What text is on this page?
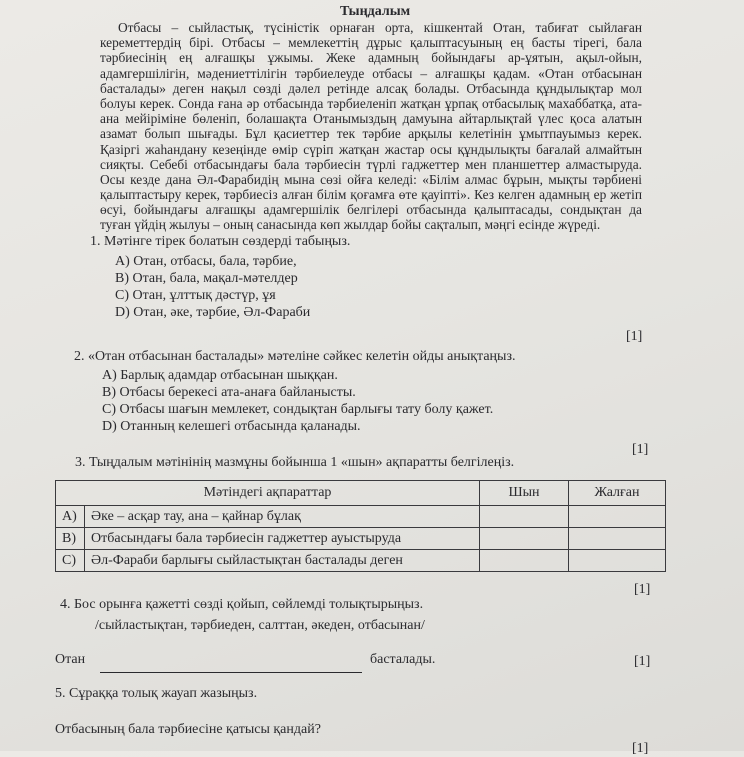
Тыңдалым
Отбасы – сыйластық, түсіністік орнаған орта, кішкентай Отан, табиғат сыйлаған
кереметтердің бірі. Отбасы – мемлекеттің дұрыс қалыптасуының ең басты тірегі, бала
тәрбиесінің ең алғашқы ұжымы. Жеке адамның бойындағы ар-ұятын, ақыл-ойын,
адамгершілігін, мәдениеттілігін тәрбиелеуде отбасы – алғашқы қадам. «Отан отбасынан
басталады» деген нақыл сөзді дәлел ретінде алсақ болады. Отбасында құндылықтар мол
болуы керек. Сонда ғана әр отбасында тәрбиеленіп жатқан ұрпақ отбасылық махаббатқа, ата-
ана мейіріміне бөленіп, болашақта Отанымыздың дамуына айтарлықтай үлес қоса алатын
азамат болып шығады. Бұл қасиеттер тек тәрбие арқылы келетінін ұмытпауымыз керек.
Қазіргі жаһандану кезеңінде өмір сүріп жатқан жастар осы құндылықты бағалай алмайтын
сияқты. Себебі отбасындағы бала тәрбиесін түрлі гаджеттер мен планшеттер алмастыруда.
Осы кезде дана Әл-Фарабидің мына сөзі ойға келеді: «Білім алмас бұрын, мықты тәрбиені
қалыптастыру керек, тәрбиесіз алған білім қоғамға өте қауіпті». Кез келген адамның ер жетіп
өсуі, бойындағы алғашқы адамгершілік белгілері отбасында қалыптасады, сондықтан да
туған үйдің жылуы – оның санасында көп жылдар бойы сақталып, мәңгі есінде жүреді.
1. Мәтінге тірек болатын сөздерді табыңыз.
A) Отан, отбасы, бала, тәрбие,
B) Отан, бала, мақал-мәтелдер
C) Отан, ұлттық дәстүр, ұя
D) Отан, әке, тәрбие, Әл-Фараби
[1]
2. «Отан отбасынан басталады» мәтеліне сәйкес келетін ойды анықтаңыз.
A) Барлық адамдар отбасынан шыққан.
B) Отбасы берекесі ата-анаға байланысты.
C) Отбасы шағын мемлекет, сондықтан барлығы тату болу қажет.
D) Отанның келешегі отбасында қаланады.
[1]
3. Тыңдалым мәтінінің мазмұны бойынша 1 «шын» ақпаратты белгілеңіз.
Мәтіндегі ақпараттар		Шын	Жалған
A)	Әке – асқар тау, ана – қайнар бұлақ		
B)	Отбасындағы бала тәрбиесін гаджеттер ауыстыруда		
C)	Әл-Фараби барлығы сыйластықтан басталады деген		
[1]
4. Бос орынға қажетті сөзді қойып, сөйлемді толықтырыңыз.
/сыйластықтан, тәрбиеден, салттан, әкеден, отбасынан/
Отан	басталады.	[1]
5. Сұраққа толық жауап жазыңыз.
Отбасының бала тәрбиесіне қатысы қандай?
[1]
